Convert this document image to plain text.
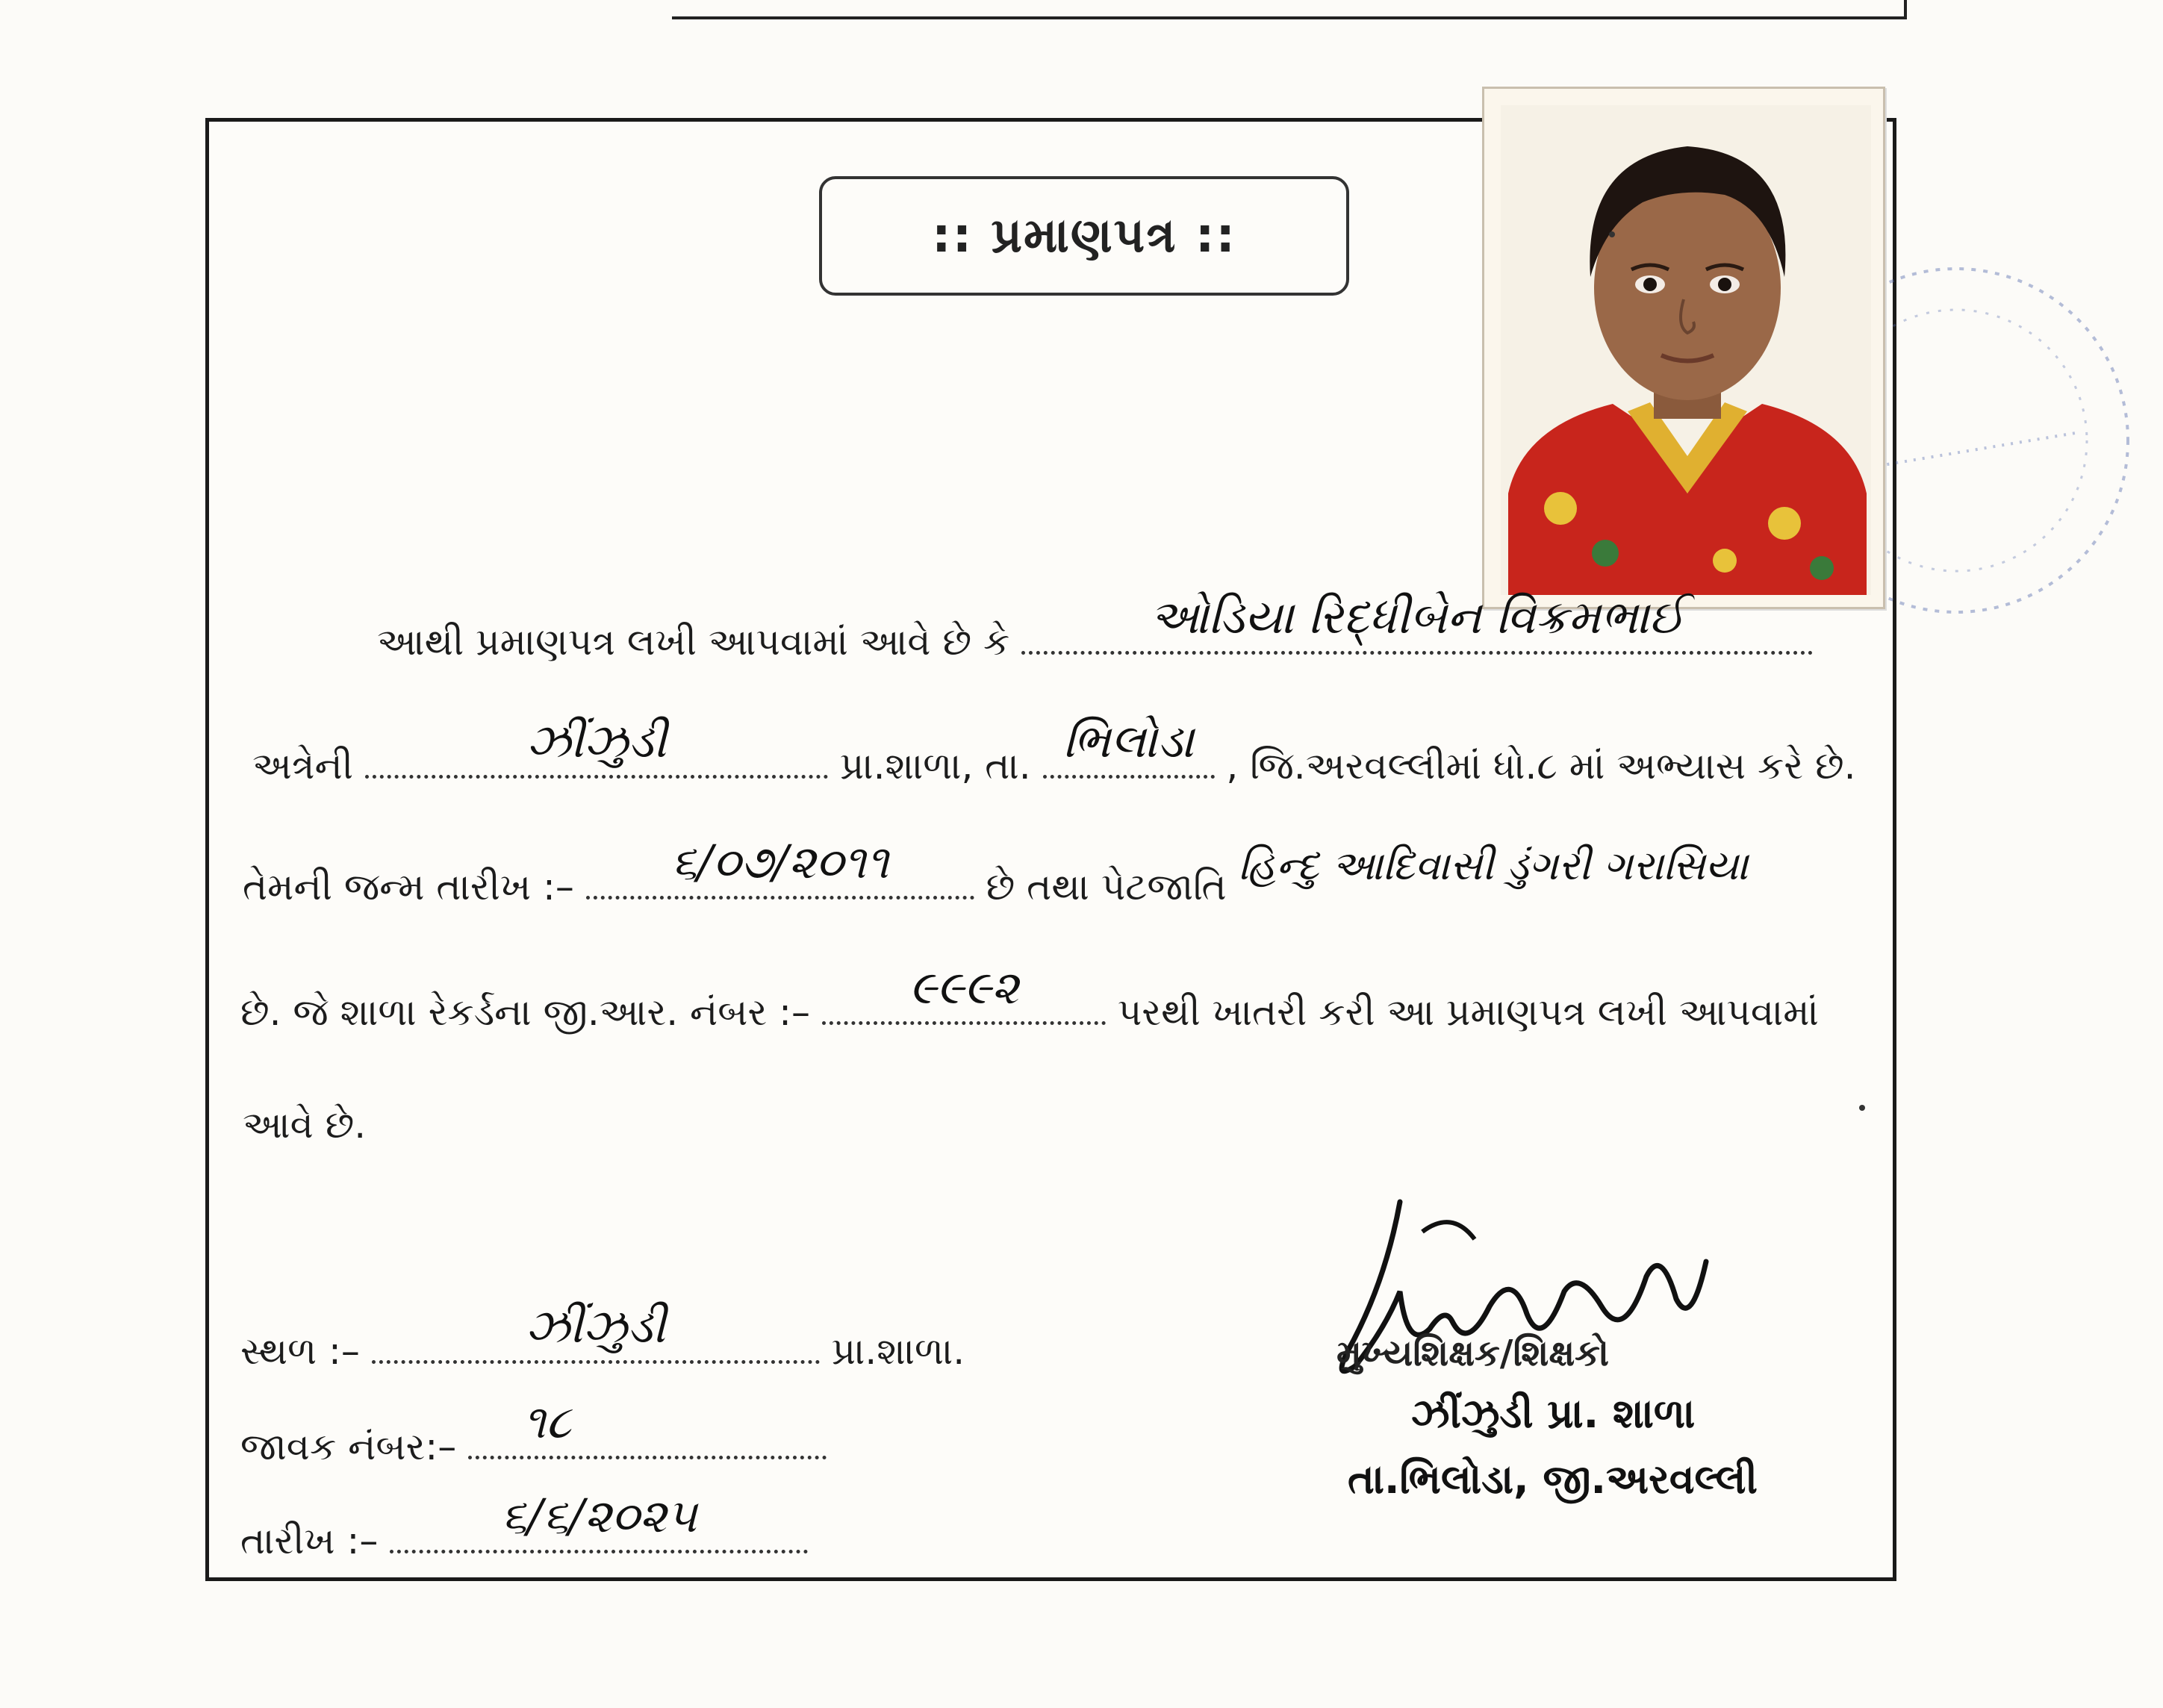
:: પ્રમાણપત્ર ::
આથી પ્રમાણપત્ર લખી આપવામાં આવે છે કે	ઓડિયા રિદ્ધીબેન વિક્રમભાઈ
અત્રેની	ઝીંઝુડી	પ્રા.શાળા, તા. ભિલોડા , જિ.અરવલ્લીમાં ધો.૮ માં અભ્યાસ કરે છે.
તેમની જન્મ તારીખ :– ૬/૦૭/૨૦૧૧	છે તથા પેટજાતિ હિન્દુ આદિવાસી ડુંગરી ગરાસિયા
છે. જે શાળા રેકર્ડના જી.આર. નંબર :– ૯૯૯૨	પરથી ખાતરી કરી આ પ્રમાણપત્ર લખી આપવામાં
આવે છે.
સ્થળ :–	ઝીંઝુડી	પ્રા.શાળા.
જાવક નંબર:– ૧૮
તારીખ :–	૬/૬/૨૦૨૫
મુખ્યશિક્ષક/શિક્ષકો
ઝીંઝુડી પ્રા. શાળા
તા.ભિલોડા, જી.અરવલ્લી
